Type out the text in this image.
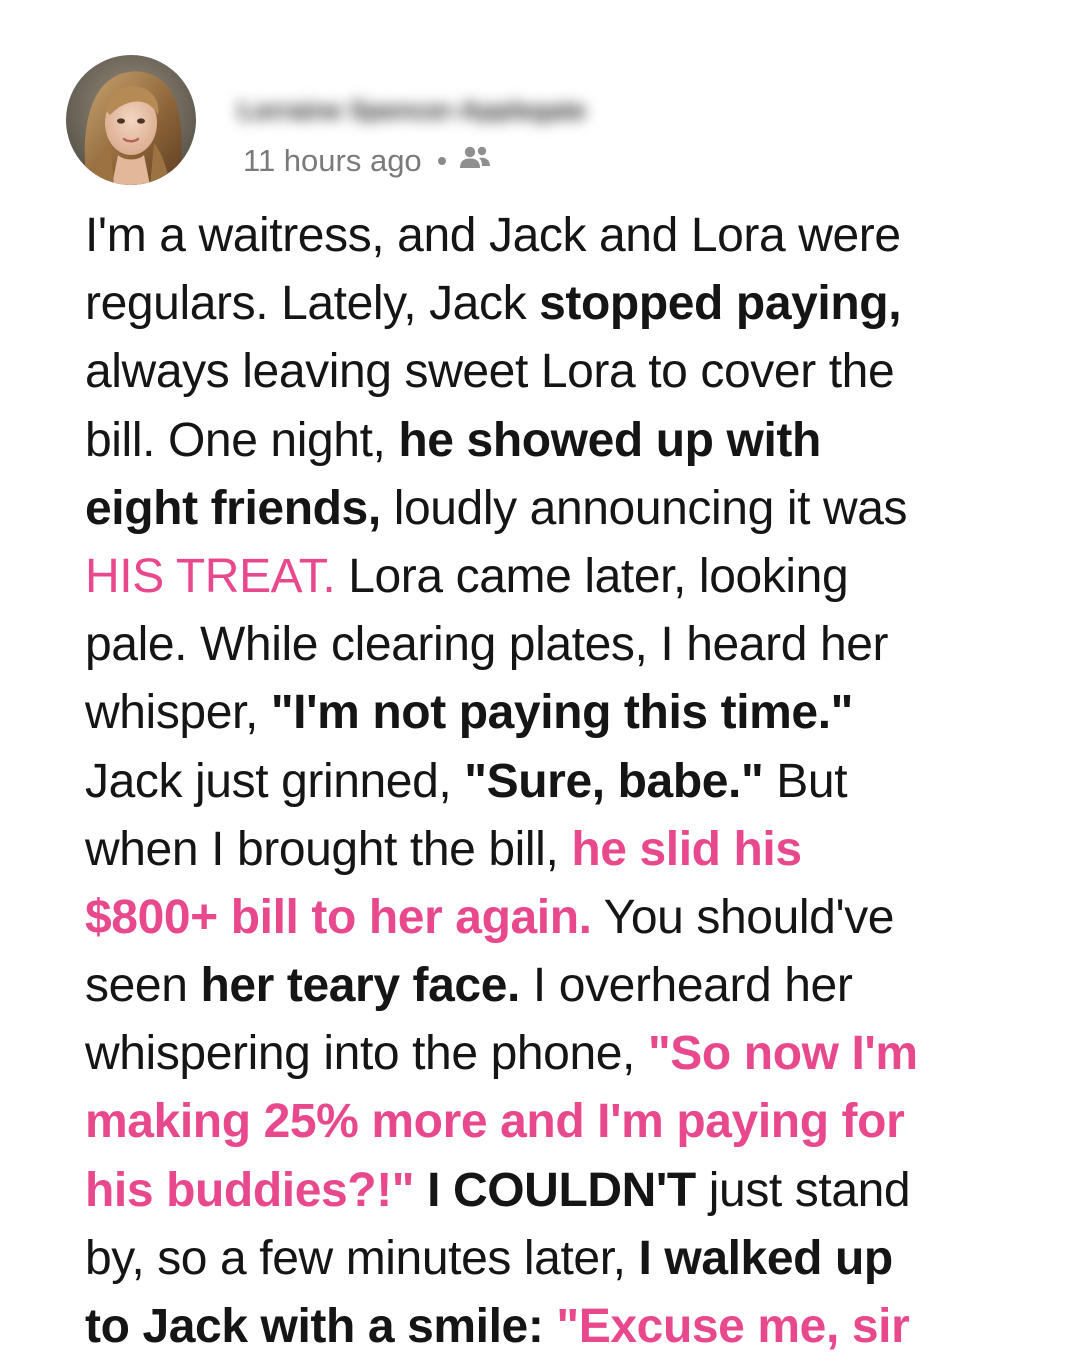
Lorraine Spencer-Applegate
11 hours ago
I'm a waitress, and Jack and Lora were
regulars. Lately, Jack stopped paying,
always leaving sweet Lora to cover the
bill. One night, he showed up with
eight friends, loudly announcing it was
HIS TREAT. Lora came later, looking
pale. While clearing plates, I heard her
whisper, "I'm not paying this time."
Jack just grinned, "Sure, babe." But
when I brought the bill, he slid his
$800+ bill to her again. You should've
seen her teary face. I overheard her
whispering into the phone, "So now I'm
making 25% more and I'm paying for
his buddies?!" I COULDN'T just stand
by, so a few minutes later, I walked up
to Jack with a smile: "Excuse me, sir
